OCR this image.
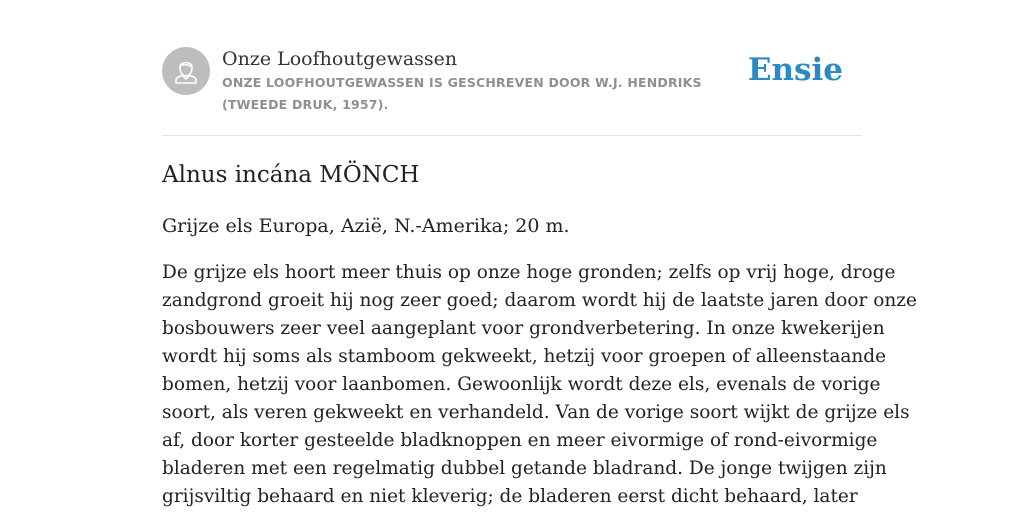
Onze Loofhoutgewassen
ONZE LOOFHOUTGEWASSEN IS GESCHREVEN DOOR W.J. HENDRIKS (TWEEDE DRUK, 1957).
Ensie
Alnus incána MÖNCH

Grijze els Europa, Azië, N.-Amerika; 20 m.

De grijze els hoort meer thuis op onze hoge gronden; zelfs op vrij hoge, droge
zandgrond groeit hij nog zeer goed; daarom wordt hij de laatste jaren door onze
bosbouwers zeer veel aangeplant voor grondverbetering. In onze kwekerijen
wordt hij soms als stamboom gekweekt, hetzij voor groepen of alleenstaande
bomen, hetzij voor laanbomen. Gewoonlijk wordt deze els, evenals de vorige
soort, als veren gekweekt en verhandeld. Van de vorige soort wijkt de grijze els
af, door korter gesteelde bladknoppen en meer eivormige of rond-eivormige
bladeren met een regelmatig dubbel getande bladrand. De jonge twijgen zijn
grijsviltig behaard en niet kleverig; de bladeren eerst dicht behaard, later
